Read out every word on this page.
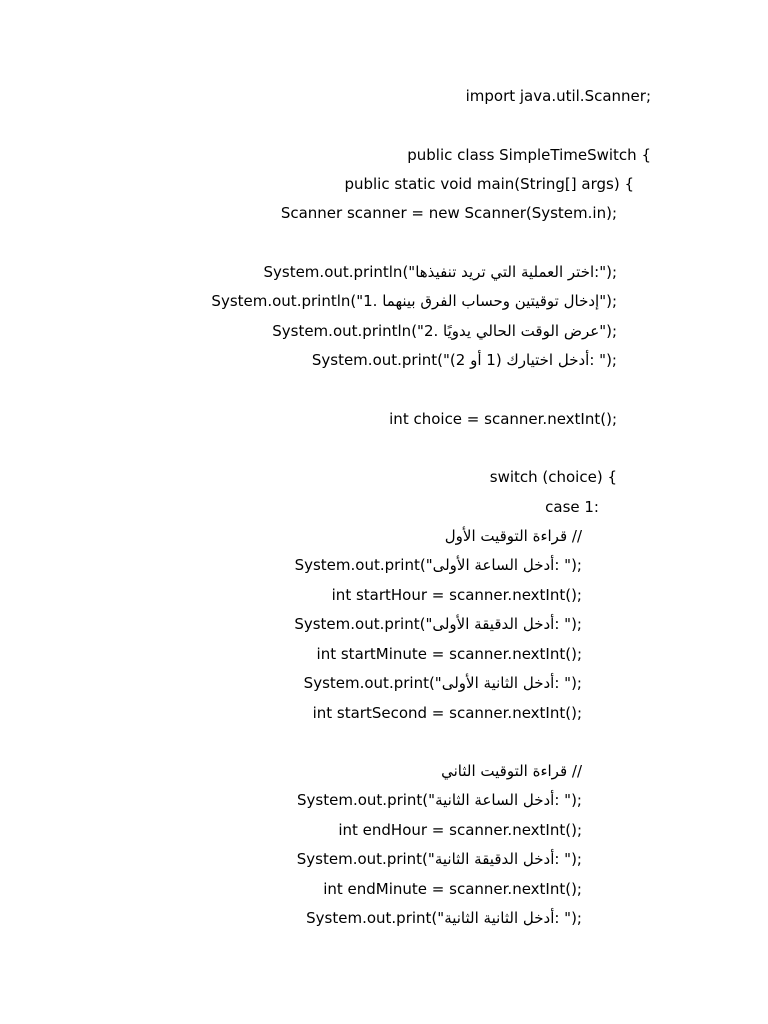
import java.util.Scanner;
public class SimpleTimeSwitch {
public static void main(String[] args) {
Scanner scanner = new Scanner(System.in);
System.out.println("اختر العملية التي تريد تنفيذها:");
System.out.println("1. إدخال توقيتين وحساب الفرق بينهما");
System.out.println("2. عرض الوقت الحالي يدويًا");
System.out.print("أدخل اختيارك (1 أو 2): ");
int choice = scanner.nextInt();
switch (choice) {
case 1:
// قراءة التوقيت الأول
System.out.print("أدخل الساعة الأولى: ");
int startHour = scanner.nextInt();
System.out.print("أدخل الدقيقة الأولى: ");
int startMinute = scanner.nextInt();
System.out.print("أدخل الثانية الأولى: ");
int startSecond = scanner.nextInt();
// قراءة التوقيت الثاني
System.out.print("أدخل الساعة الثانية: ");
int endHour = scanner.nextInt();
System.out.print("أدخل الدقيقة الثانية: ");
int endMinute = scanner.nextInt();
System.out.print("أدخل الثانية الثانية: ");
